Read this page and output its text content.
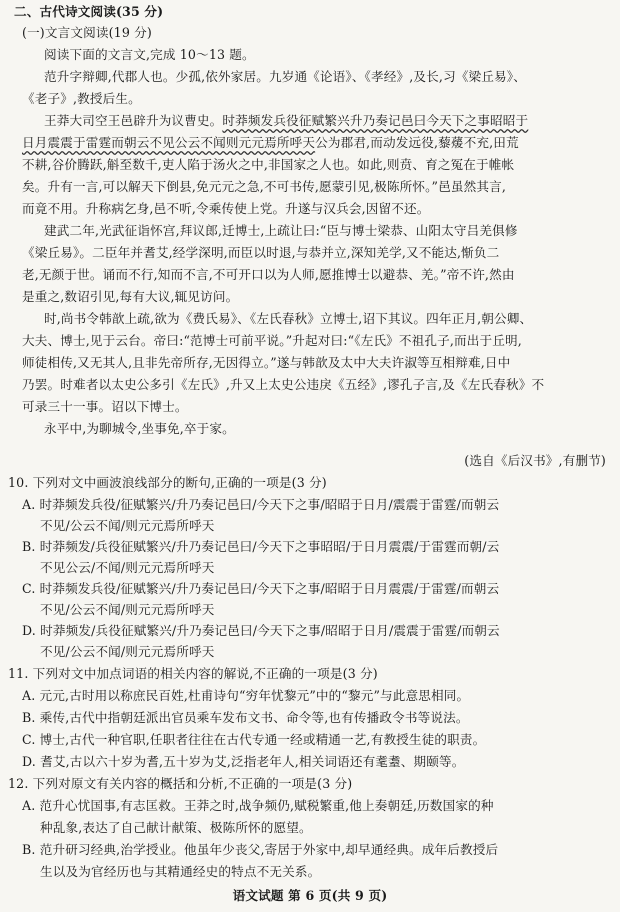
二、古代诗文阅读(35 分)
(一)文言文阅读(19 分)
阅读下面的文言文,完成 10～13 题。
范升字辩卿,代郡人也。少孤,依外家居。九岁通《论语》、《孝经》,及长,习《梁丘易》、
《老子》,教授后生。
王莽大司空王邑辟升为议曹史。时莽频发兵役征赋繁兴升乃奏记邑曰今天下之事昭昭于
日月震震于雷霆而朝云不见公云不闻则元元焉所呼天公为郡君,而动发远役,藜蕿不充,田荒
不耕,谷价腾跃,斛至数千,吏人陷于汤火之中,非国家之人也。如此,则贲、育之冤在于帷帐
矣。升有一言,可以解天下倒县,免元元之急,不可书传,愿蒙引见,极陈所怀。”邑虽然其言,
而竟不用。升称病乞身,邑不听,令乘传使上党。升遂与汉兵会,因留不还。
建武二年,光武征诣怀宫,拜议郎,迁博士,上疏让曰:“臣与博士梁恭、山阳太守吕羌俱修
《梁丘易》。二臣年并耆艾,经学深明,而臣以时退,与恭并立,深知羌学,又不能达,惭负二
老,无颜于世。诵而不行,知而不言,不可开口以为人师,愿推博士以避恭、羌。”帝不许,然由
是重之,数诏引见,每有大议,辄见访问。
时,尚书令韩歆上疏,欲为《费氏易》、《左氏春秋》立博士,诏下其议。四年正月,朝公卿、
大夫、博士,见于云台。帝曰:“范博士可前平说。”升起对曰:“《左氏》不祖孔子,而出于丘明,
师徒相传,又无其人,且非先帝所存,无因得立。”遂与韩歆及太中大夫许淑等互相辩难,日中
乃罢。时难者以太史公多引《左氏》,升又上太史公违戾《五经》,谬孔子言,及《左氏春秋》不
可录三十一事。诏以下博士。
永平中,为聊城令,坐事免,卒于家。
(选自《后汉书》,有删节)
10. 下列对文中画波浪线部分的断句,正确的一项是(3 分)
A. 时莽频发兵役/征赋繁兴/升乃奏记邑曰/今天下之事/昭昭于日月/震震于雷霆/而朝云
不见/公云不闻/则元元焉所呼天
B. 时莽频发/兵役征赋繁兴/升乃奏记邑曰/今天下之事昭昭/于日月震震/于雷霆而朝/云
不见公云/不闻/则元元焉所呼天
C. 时莽频发兵役/征赋繁兴/升乃奏记邑曰/今天下之事/昭昭于日月震震/于雷霆/而朝云
不见/公云不闻/则元元焉所呼天
D. 时莽频发/兵役征赋繁兴/升乃奏记邑曰/今天下之事/昭昭于日月/震震于雷霆/而朝云
不见/公云不闻/则元元焉所呼天
11. 下列对文中加点词语的相关内容的解说,不正确的一项是(3 分)
A. 元元,古时用以称庶民百姓,杜甫诗句“穷年忧黎元”中的“黎元”与此意思相同。
B. 乘传,古代中指朝廷派出官员乘车发布文书、命令等,也有传播政令书等说法。
C. 博士,古代一种官职,任职者往往在古代专通一经或精通一艺,有教授生徒的职责。
D. 耆艾,古以六十岁为耆,五十岁为艾,泛指老年人,相关词语还有耄耋、期颐等。
12. 下列对原文有关内容的概括和分析,不正确的一项是(3 分)
A. 范升心忧国事,有志匡救。王莽之时,战争频仍,赋税繁重,他上奏朝廷,历数国家的种
种乱象,表达了自己献计献策、极陈所怀的愿望。
B. 范升研习经典,治学授业。他虽年少丧父,寄居于外家中,却早通经典。成年后教授后
生以及为官经历也与其精通经史的特点不无关系。
语文试题 第 6 页(共 9 页)
